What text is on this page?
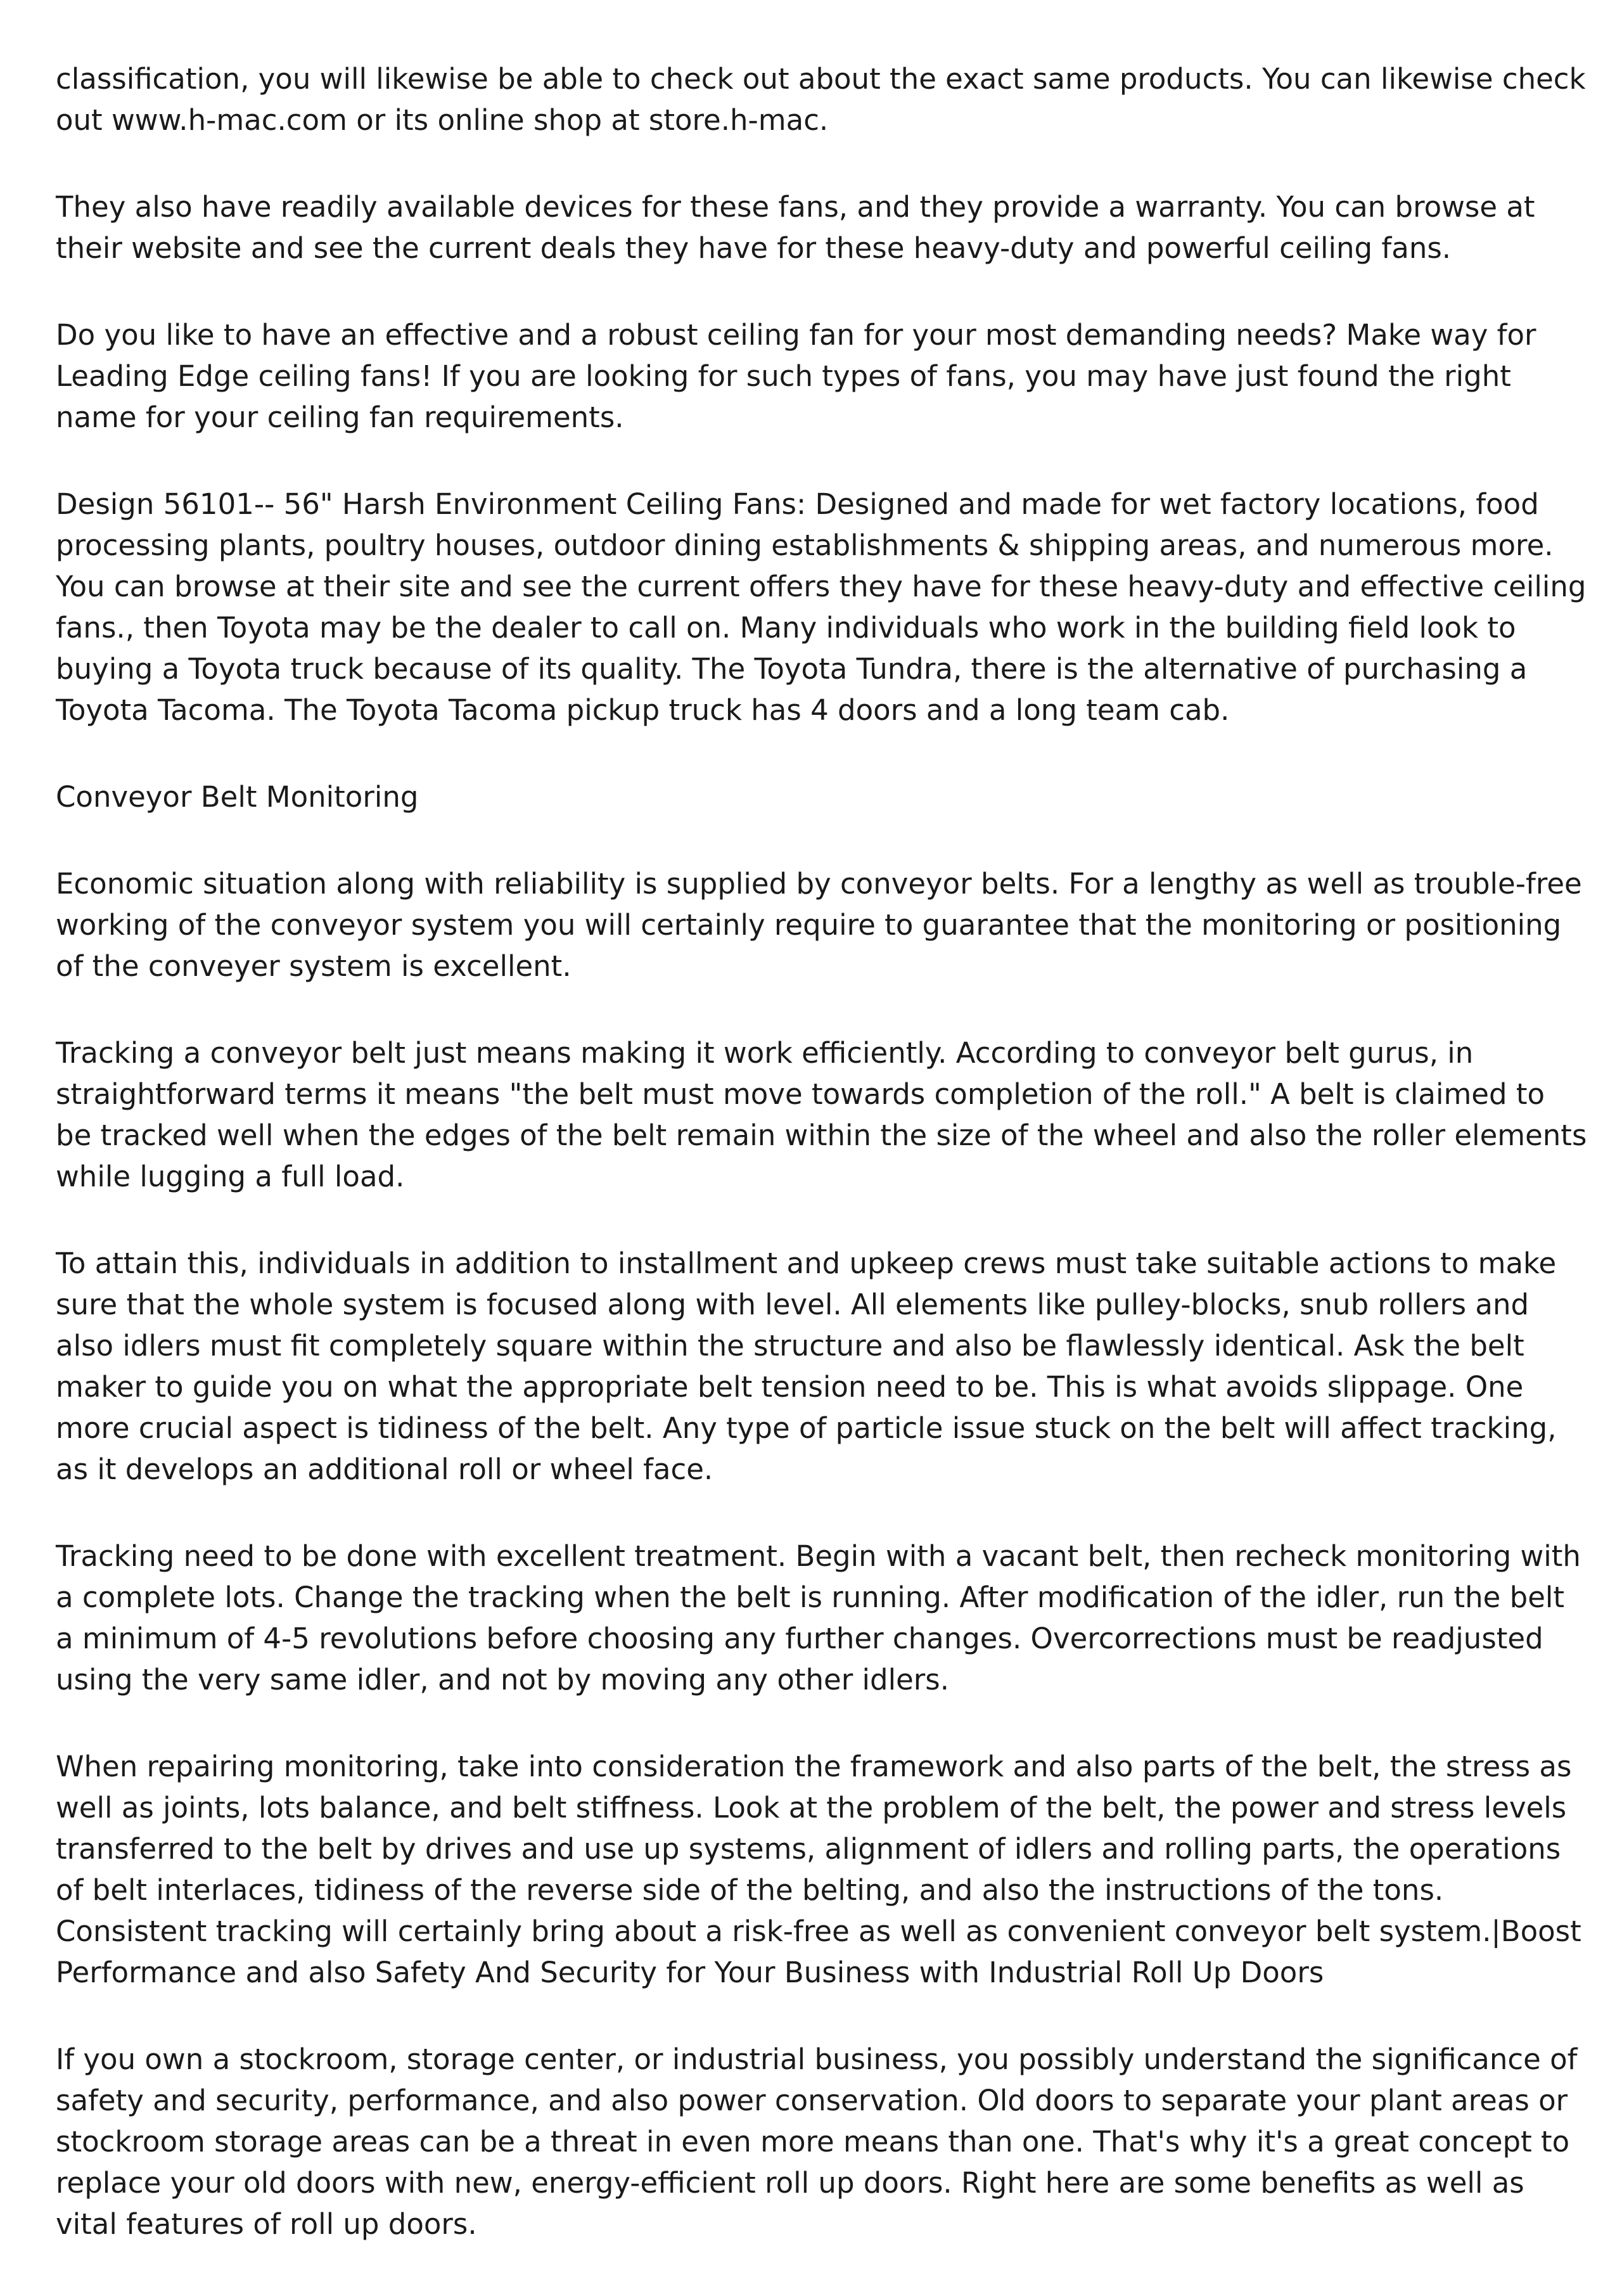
classification, you will likewise be able to check out about the exact same products. You can likewise check out www.h-mac.com or its online shop at store.h-mac.

They also have readily available devices for these fans, and they provide a warranty. You can browse at their website and see the current deals they have for these heavy-duty and powerful ceiling fans.

Do you like to have an effective and a robust ceiling fan for your most demanding needs? Make way for Leading Edge ceiling fans! If you are looking for such types of fans, you may have just found the right name for your ceiling fan requirements.

Design 56101-- 56" Harsh Environment Ceiling Fans: Designed and made for wet factory locations, food processing plants, poultry houses, outdoor dining establishments & shipping areas, and numerous more. You can browse at their site and see the current offers they have for these heavy-duty and effective ceiling fans., then Toyota may be the dealer to call on. Many individuals who work in the building field look to buying a Toyota truck because of its quality. The Toyota Tundra, there is the alternative of purchasing a Toyota Tacoma. The Toyota Tacoma pickup truck has 4 doors and a long team cab.

Conveyor Belt Monitoring

Economic situation along with reliability is supplied by conveyor belts. For a lengthy as well as trouble-free working of the conveyor system you will certainly require to guarantee that the monitoring or positioning of the conveyer system is excellent.

Tracking a conveyor belt just means making it work efficiently. According to conveyor belt gurus, in straightforward terms it means "the belt must move towards completion of the roll." A belt is claimed to be tracked well when the edges of the belt remain within the size of the wheel and also the roller elements while lugging a full load.

To attain this, individuals in addition to installment and upkeep crews must take suitable actions to make sure that the whole system is focused along with level. All elements like pulley-blocks, snub rollers and also idlers must fit completely square within the structure and also be flawlessly identical. Ask the belt maker to guide you on what the appropriate belt tension need to be. This is what avoids slippage. One more crucial aspect is tidiness of the belt. Any type of particle issue stuck on the belt will affect tracking, as it develops an additional roll or wheel face.

Tracking need to be done with excellent treatment. Begin with a vacant belt, then recheck monitoring with a complete lots. Change the tracking when the belt is running. After modification of the idler, run the belt a minimum of 4-5 revolutions before choosing any further changes. Overcorrections must be readjusted using the very same idler, and not by moving any other idlers.

When repairing monitoring, take into consideration the framework and also parts of the belt, the stress as well as joints, lots balance, and belt stiffness. Look at the problem of the belt, the power and stress levels transferred to the belt by drives and use up systems, alignment of idlers and rolling parts, the operations of belt interlaces, tidiness of the reverse side of the belting, and also the instructions of the tons. Consistent tracking will certainly bring about a risk-free as well as convenient conveyor belt system.|Boost Performance and also Safety And Security for Your Business with Industrial Roll Up Doors

If you own a stockroom, storage center, or industrial business, you possibly understand the significance of safety and security, performance, and also power conservation. Old doors to separate your plant areas or stockroom storage areas can be a threat in even more means than one. That's why it's a great concept to replace your old doors with new, energy-efficient roll up doors. Right here are some benefits as well as vital features of roll up doors.
